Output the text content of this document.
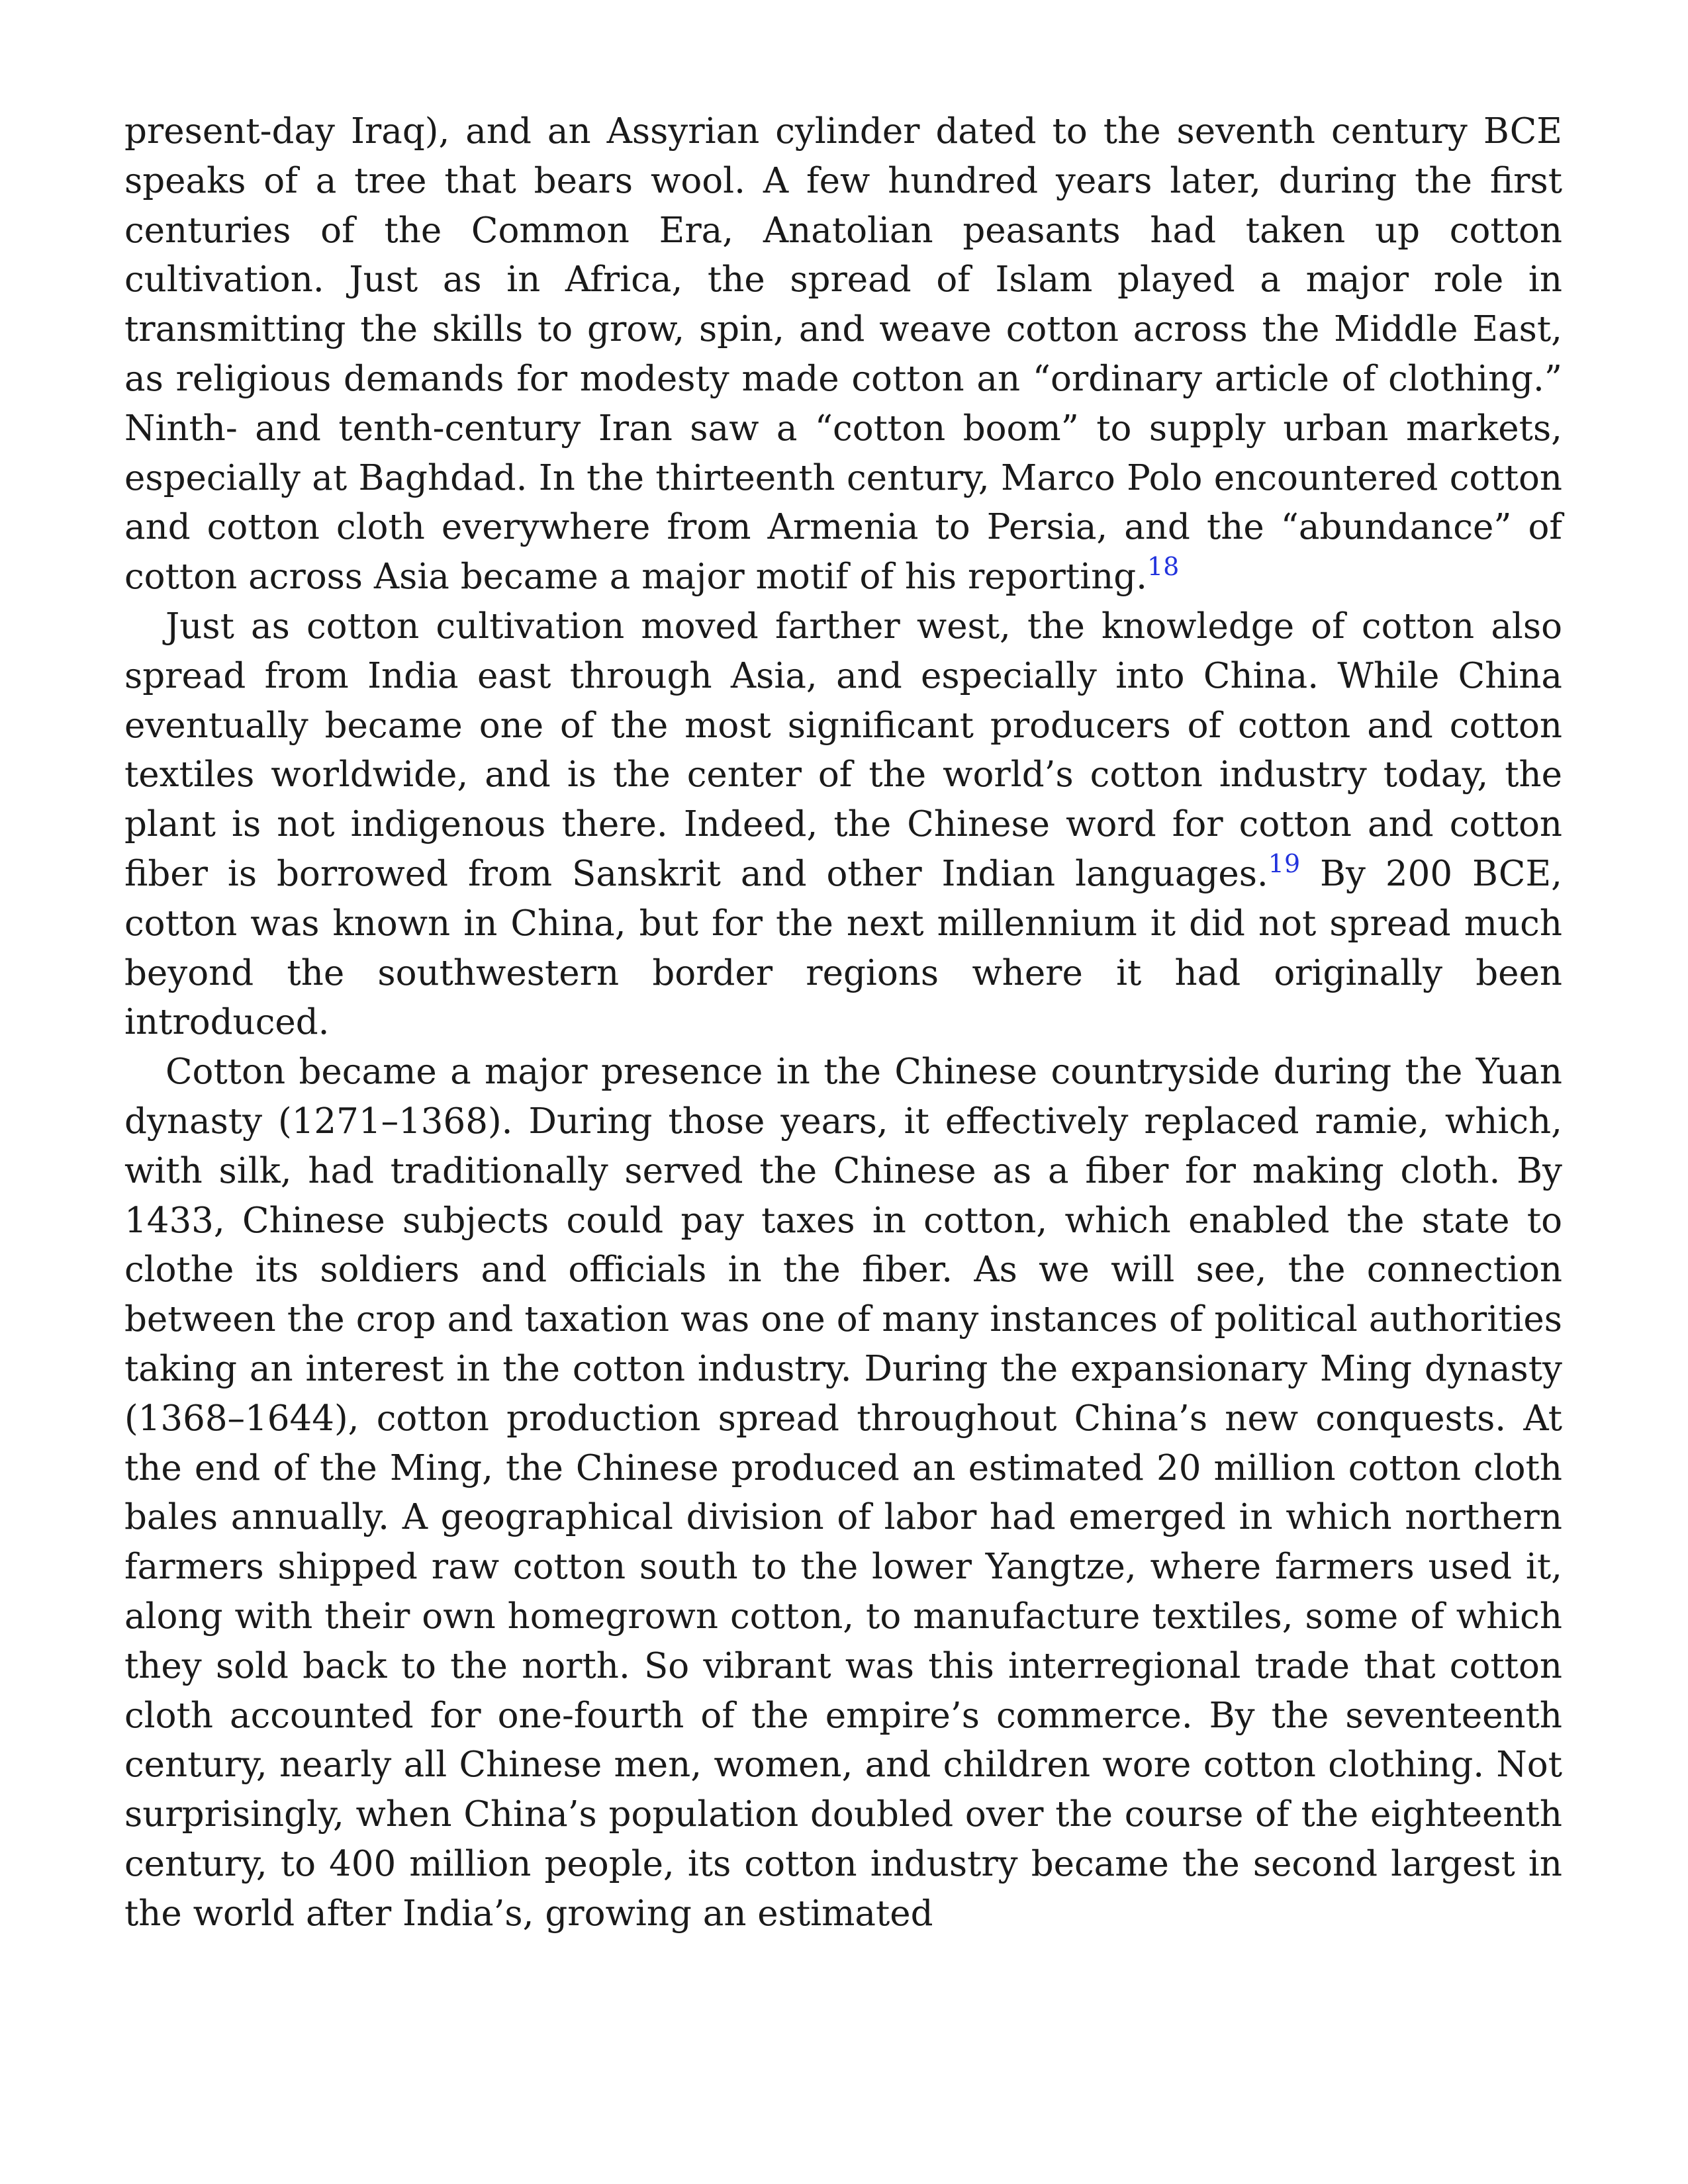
present-day Iraq), and an Assyrian cylinder dated to the seventh century BCE speaks of a tree that bears wool. A few hundred years later, during the first centuries of the Common Era, Anatolian peasants had taken up cotton cultivation. Just as in Africa, the spread of Islam played a major role in transmitting the skills to grow, spin, and weave cotton across the Middle East, as religious demands for modesty made cotton an “ordinary article of clothing.” Ninth- and tenth-century Iran saw a “cotton boom” to supply urban markets, especially at Baghdad. In the thirteenth century, Marco Polo encountered cotton and cotton cloth everywhere from Armenia to Persia, and the “abundance” of cotton across Asia became a major motif of his reporting.$^{18}$

Just as cotton cultivation moved farther west, the knowledge of cotton also spread from India east through Asia, and especially into China. While China eventually became one of the most significant producers of cotton and cotton textiles worldwide, and is the center of the world’s cotton industry today, the plant is not indigenous there. Indeed, the Chinese word for cotton and cotton fiber is borrowed from Sanskrit and other Indian languages.$^{19}$ By 200 BCE, cotton was known in China, but for the next millennium it did not spread much beyond the southwestern border regions where it had originally been introduced.

Cotton became a major presence in the Chinese countryside during the Yuan dynasty (1271–1368). During those years, it effectively replaced ramie, which, with silk, had traditionally served the Chinese as a fiber for making cloth. By 1433, Chinese subjects could pay taxes in cotton, which enabled the state to clothe its soldiers and officials in the fiber. As we will see, the connection between the crop and taxation was one of many instances of political authorities taking an interest in the cotton industry. During the expansionary Ming dynasty (1368–1644), cotton production spread throughout China’s new conquests. At the end of the Ming, the Chinese produced an estimated 20 million cotton cloth bales annually. A geographical division of labor had emerged in which northern farmers shipped raw cotton south to the lower Yangtze, where farmers used it, along with their own homegrown cotton, to manufacture textiles, some of which they sold back to the north. So vibrant was this interregional trade that cotton cloth accounted for one-fourth of the empire’s commerce. By the seventeenth century, nearly all Chinese men, women, and children wore cotton clothing. Not surprisingly, when China’s population doubled over the course of the eighteenth century, to 400 million people, its cotton industry became the second largest in the world after India’s, growing an estimated
